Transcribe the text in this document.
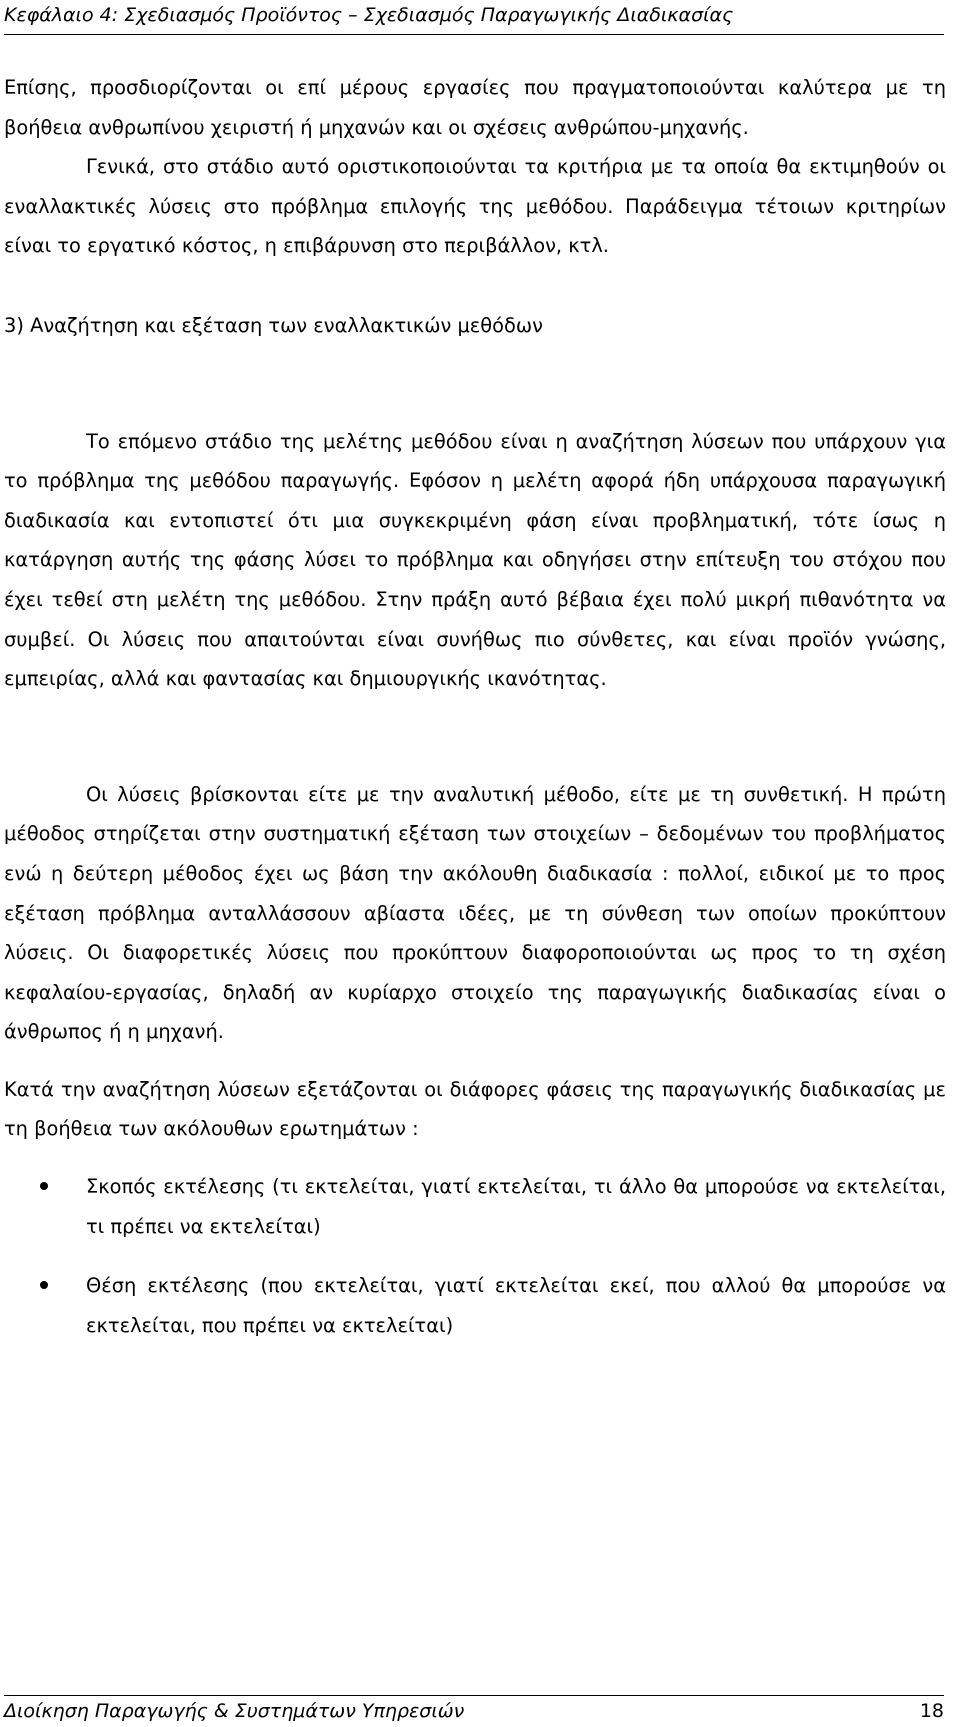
Κεφάλαιο 4: Σχεδιασμός Προϊόντος – Σχεδιασμός Παραγωγικής Διαδικασίας

Επίσης, προσδιορίζονται οι επί μέρους εργασίες που πραγματοποιούνται καλύτερα με τη βοήθεια ανθρωπίνου χειριστή ή μηχανών και οι σχέσεις ανθρώπου-μηχανής.

Γενικά, στο στάδιο αυτό οριστικοποιούνται τα κριτήρια με τα οποία θα εκτιμηθούν οι εναλλακτικές λύσεις στο πρόβλημα επιλογής της μεθόδου. Παράδειγμα τέτοιων κριτηρίων είναι το εργατικό κόστος, η επιβάρυνση στο περιβάλλον, κτλ.

3) Αναζήτηση και εξέταση των εναλλακτικών μεθόδων

Το επόμενο στάδιο της μελέτης μεθόδου είναι η αναζήτηση λύσεων που υπάρχουν για το πρόβλημα της μεθόδου παραγωγής. Εφόσον η μελέτη αφορά ήδη υπάρχουσα παραγωγική διαδικασία και εντοπιστεί ότι μια συγκεκριμένη φάση είναι προβληματική, τότε ίσως η κατάργηση αυτής της φάσης λύσει το πρόβλημα και οδηγήσει στην επίτευξη του στόχου που έχει τεθεί στη μελέτη της μεθόδου. Στην πράξη αυτό βέβαια έχει πολύ μικρή πιθανότητα να συμβεί. Οι λύσεις που απαιτούνται είναι συνήθως πιο σύνθετες, και είναι προϊόν γνώσης, εμπειρίας, αλλά και φαντασίας και δημιουργικής ικανότητας.

Οι λύσεις βρίσκονται είτε με την αναλυτική μέθοδο, είτε με τη συνθετική. Η πρώτη μέθοδος στηρίζεται στην συστηματική εξέταση των στοιχείων – δεδομένων του προβλήματος ενώ η δεύτερη μέθοδος έχει ως βάση την ακόλουθη διαδικασία : πολλοί, ειδικοί με το προς εξέταση πρόβλημα ανταλλάσσουν αβίαστα ιδέες, με τη σύνθεση των οποίων προκύπτουν λύσεις. Οι διαφορετικές λύσεις που προκύπτουν διαφοροποιούνται ως προς το τη σχέση κεφαλαίου-εργασίας, δηλαδή αν κυρίαρχο στοιχείο της παραγωγικής διαδικασίας είναι ο άνθρωπος ή η μηχανή.

Κατά την αναζήτηση λύσεων εξετάζονται οι διάφορες φάσεις της παραγωγικής διαδικασίας με τη βοήθεια των ακόλουθων ερωτημάτων :

Σκοπός εκτέλεσης (τι εκτελείται, γιατί εκτελείται, τι άλλο θα μπορούσε να εκτελείται, τι πρέπει να εκτελείται)
Θέση εκτέλεσης (που εκτελείται, γιατί εκτελείται εκεί, που αλλού θα μπορούσε να εκτελείται, που πρέπει να εκτελείται)
Διοίκηση Παραγωγής & Συστημάτων Υπηρεσιών	18
